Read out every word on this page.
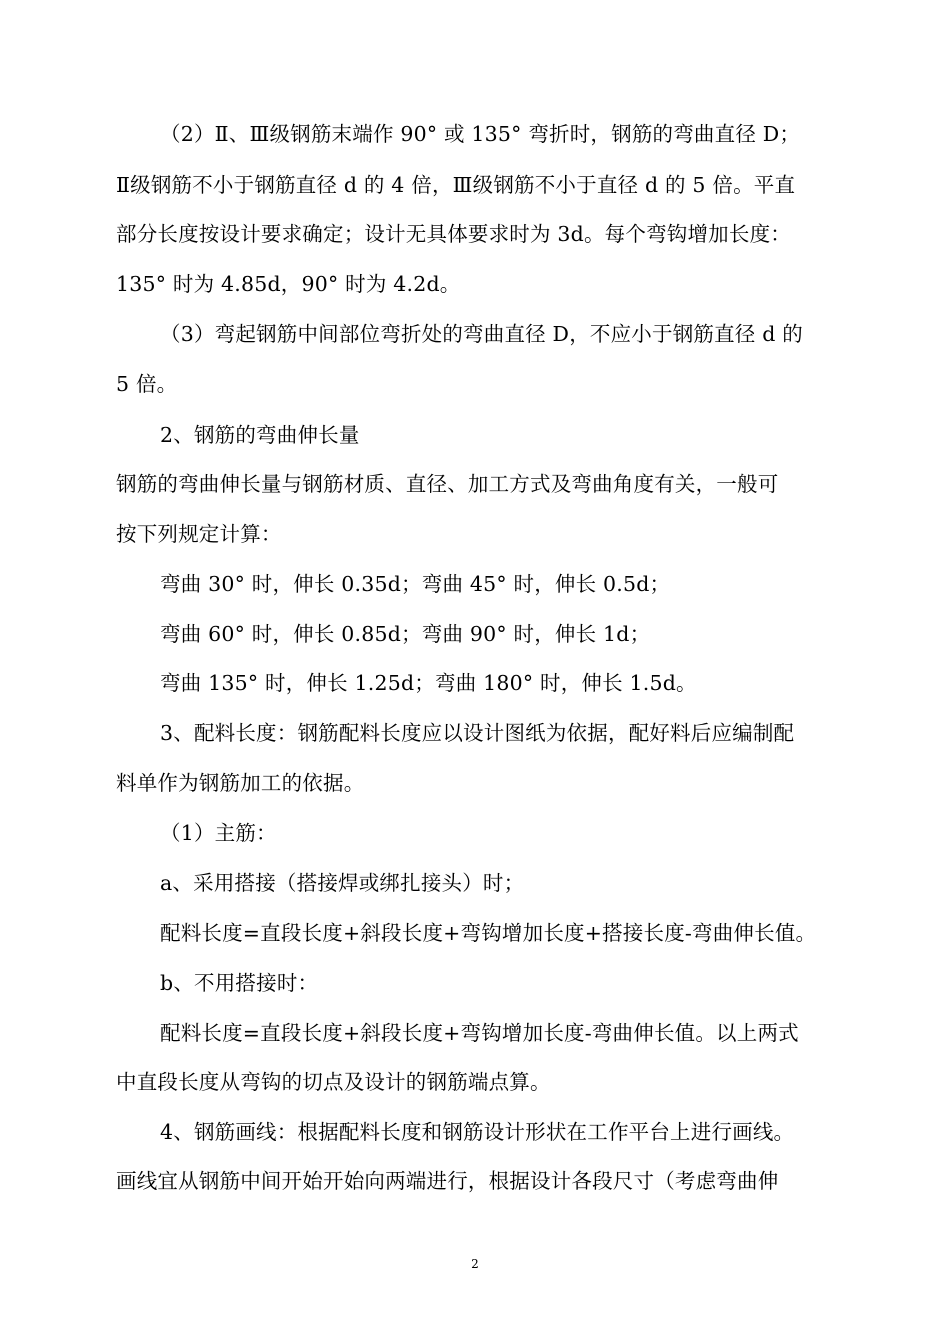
（2）Ⅱ、Ⅲ级钢筋末端作 90° 或 135° 弯折时，钢筋的弯曲直径 D；
Ⅱ级钢筋不小于钢筋直径 d 的 4 倍，Ⅲ级钢筋不小于直径 d 的 5 倍。平直
部分长度按设计要求确定；设计无具体要求时为 3d。每个弯钩增加长度：
135° 时为 4.85d，90° 时为 4.2d。
（3）弯起钢筋中间部位弯折处的弯曲直径 D，不应小于钢筋直径 d 的
5 倍。
2、钢筋的弯曲伸长量
钢筋的弯曲伸长量与钢筋材质、直径、加工方式及弯曲角度有关，一般可
按下列规定计算：
弯曲 30° 时，伸长 0.35d；弯曲 45° 时，伸长 0.5d；
弯曲 60° 时，伸长 0.85d；弯曲 90° 时，伸长 1d；
弯曲 135° 时，伸长 1.25d；弯曲 180° 时，伸长 1.5d。
3、配料长度：钢筋配料长度应以设计图纸为依据，配好料后应编制配
料单作为钢筋加工的依据。
（1）主筋：
a、采用搭接（搭接焊或绑扎接头）时；
配料长度=直段长度+斜段长度+弯钩增加长度+搭接长度-弯曲伸长值。
b、不用搭接时：
配料长度=直段长度+斜段长度+弯钩增加长度-弯曲伸长值。以上两式
中直段长度从弯钩的切点及设计的钢筋端点算。
4、钢筋画线：根据配料长度和钢筋设计形状在工作平台上进行画线。
画线宜从钢筋中间开始开始向两端进行，根据设计各段尺寸（考虑弯曲伸
2
